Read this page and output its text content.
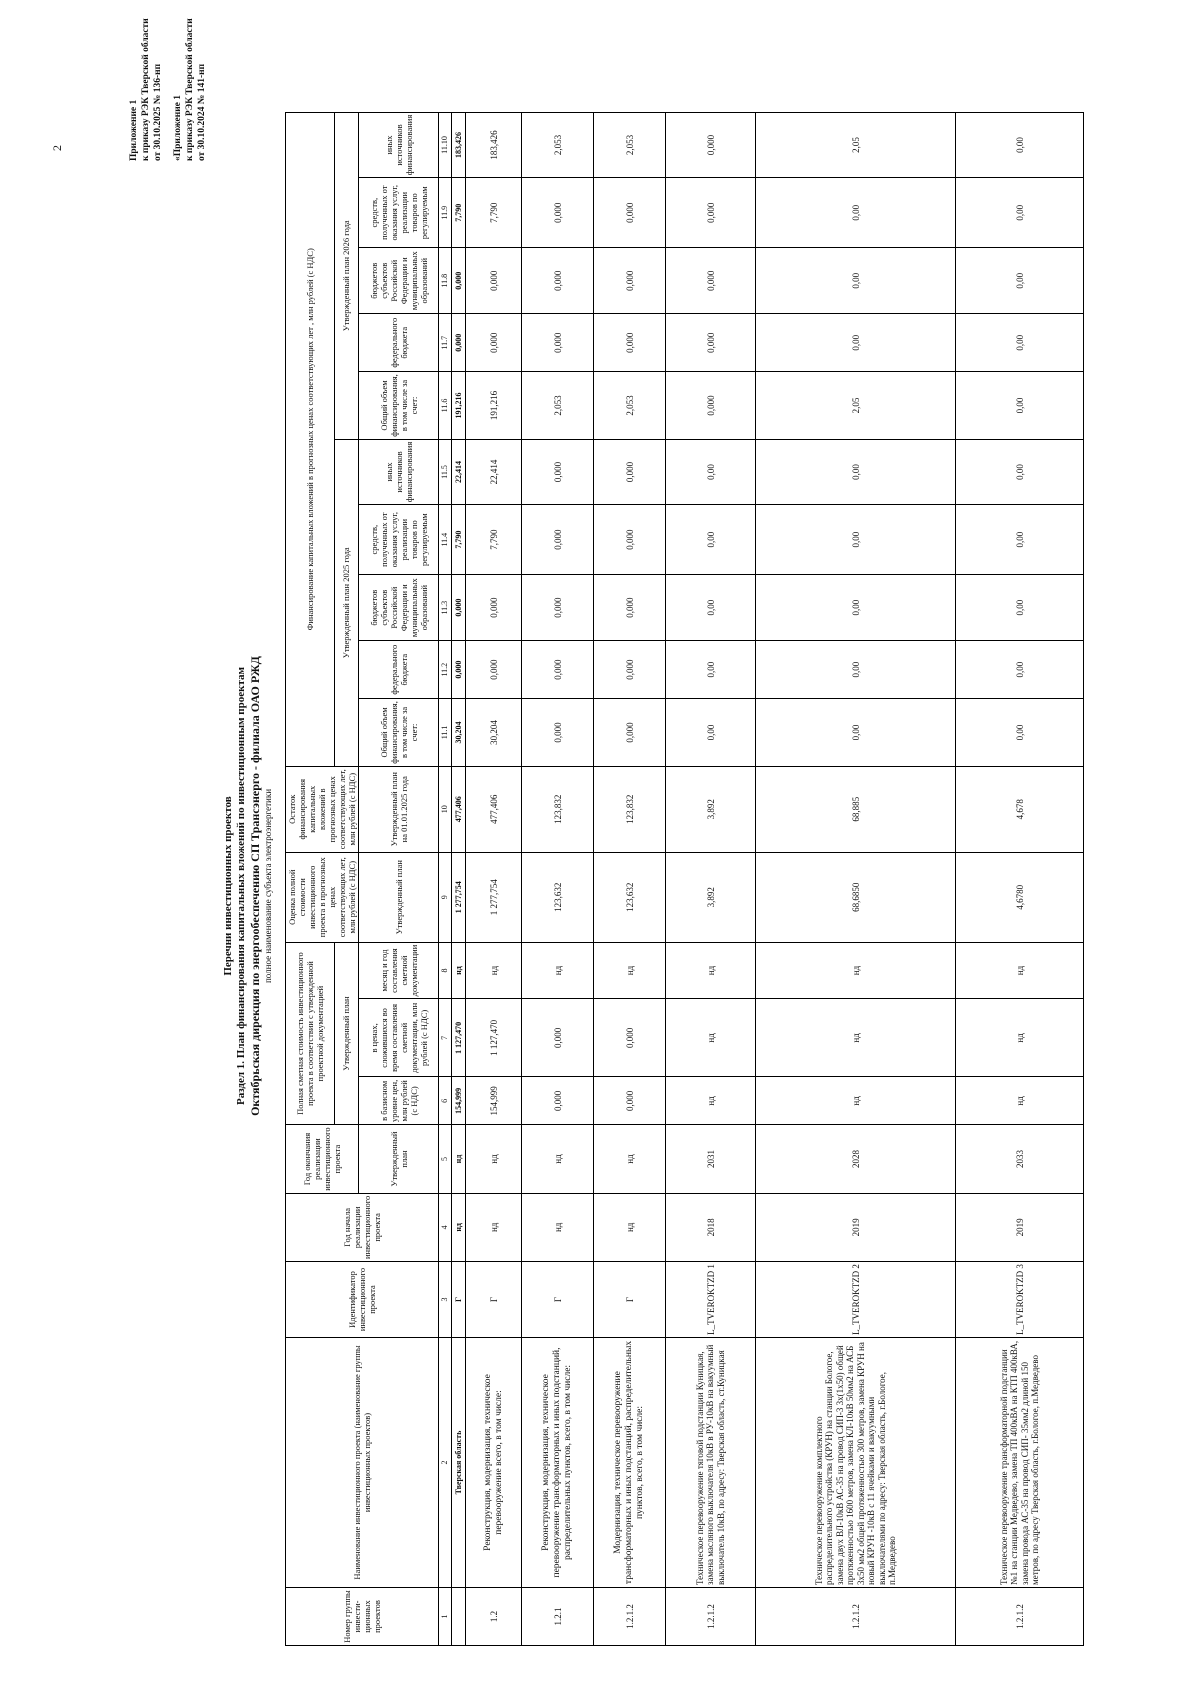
2	Приложение 1 к приказу РЭК Тверской области от 30.10.2025 № 136-нп «Приложение 1 к приказу РЭК Тверской области от 30.10.2024 № 141-нп
Перечни инвестиционных проектов Раздел 1. План финансирования капитальных вложений по инвестиционным проектам Октябрьская дирекция по энергообеспечению СП Трансэнерго - филиала ОАО РЖД полное наименование субъекта электроэнергетики
Номер группы инвести-ционных проектов	Наименование инвестиционного проекта (наименование группы инвестиционных проектов)	Идентификатор инвестиционного проекта	Год начала реализации инвестиционного проекта	Год окончания реализации инвестиционного проекта	Полная сметная стоимость инвестиционного проекта в соответствии с утвержденной проектной документацией			Оценка полной стоимости инвестиционного проекта в прогнозных ценах соответствующих лет, млн рублей (с НДС)	Остаток финансирования капитальных вложений в прогнозных ценах соответствующих лет, млн рублей (с НДС)	Финансирование капитальных вложений в прогнозных ценах соответствующих лет , млн рублей (с НДС)									
					Утвержденный план					Утвержденный план 2025 года					Утвержденный план 2026 года				
				Утвержденный план	в базисном уровне цен, млн рублей (с НДС)	в ценах, сложившихся во время составления сметной документации, млн рублей (с НДС)	месяц и год составления сметной документации	Утвержденный план	Утвержденный план на 01.01.2025 года	Общий объем финансирования, в том числе за счет:	федерального бюджета	бюджетов субъектов Российской Федерации и муниципальных образований	средств, полученных от оказания услуг, реализации товаров по регулируемым	иных источников финансирования	Общий объем финансирования, в том числе за счет:	федерального бюджета	бюджетов субъектов Российской Федерации и муниципальных образований	средств, полученных от оказания услуг, реализации товаров по регулируемым	иных источников финансирования
1	2	3	4	5	6	7	8	9	10	11.1	11.2	11.3	11.4	11.5	11.6	11.7	11.8	11.9	11.10
	Тверская область	Г	нд	нд	154,999	1 127,470	нд	1 277,754	477,406	30,204	0,000	0,000	7,790	22,414	191,216	0,000	0,000	7,790	183,426
1.2	Реконструкция, модернизация, техническое перевооружение всего, в том числе:	Г	нд	нд	154,999	1 127,470	нд	1 277,754	477,406	30,204	0,000	0,000	7,790	22,414	191,216	0,000	0,000	7,790	183,426
1.2.1	Реконструкция, модернизация, техническое перевооружение трансформаторных и иных подстанций, распределительных пунктов, всего, в том числе:	Г	нд	нд	0,000	0,000	нд	123,632	123,832	0,000	0,000	0,000	0,000	0,000	2,053	0,000	0,000	0,000	2,053
1.2.1.2	Модернизация, техническое перевооружение трансформаторных и иных подстанций, распределительных пунктов, всего, в том числе:	Г	нд	нд	0,000	0,000	нд	123,632	123,832	0,000	0,000	0,000	0,000	0,000	2,053	0,000	0,000	0,000	2,053
1.2.1.2	Техническое перевооружение тяговой подстанции Куницкая, замена масляного выключателя 10кВ в РУ-10кВ на вакуумный выключатель 10кВ, по адресу: Тверская область, ст.Куницкая	L_TVEROKTZD 1	2018	2031	нд	нд	нд	3,892	3,892	0,00	0,00	0,00	0,00	0,00	0,000	0,000	0,000	0,000	0,000
1.2.1.2	Техническое перевооружение комплектного распределительного устройства (КРУН) на станции Бологое, замена двух ВЛ-10кВ АС-35 на провод СИП-3 3х(1х50) общей протяженностью 1600 метров, замена КЛ-10кВ 50мм2 на АСБ 3х50 мм2 общей протяженностью 300 метров, замена КРУН на новый КРУН -10кВ с 11 ячейками и вакуумными выключателями по адресу: Тверская область, г.Бологое, п.Медведево	L_TVEROKTZD 2	2019	2028	нд	нд	нд	68,6850	68,885	0,00	0,00	0,00	0,00	0,00	2,05	0,00	0,00	0,00	2,05
1.2.1.2	Техническое перевооружение трансформаторной подстанции №1 на станции Медведево, замена ТП 400кВА на КТП 400кВА, замена провода АС-35 на провод СИП- 35мм2 длиной 150 метров, по адресу Тверская область, г.Бологое, п.Медведево	L_TVEROKTZD 3	2019	2033	нд	нд	нд	4,6780	4,678	0,00	0,00	0,00	0,00	0,00	0,00	0,00	0,00	0,00	0,00
